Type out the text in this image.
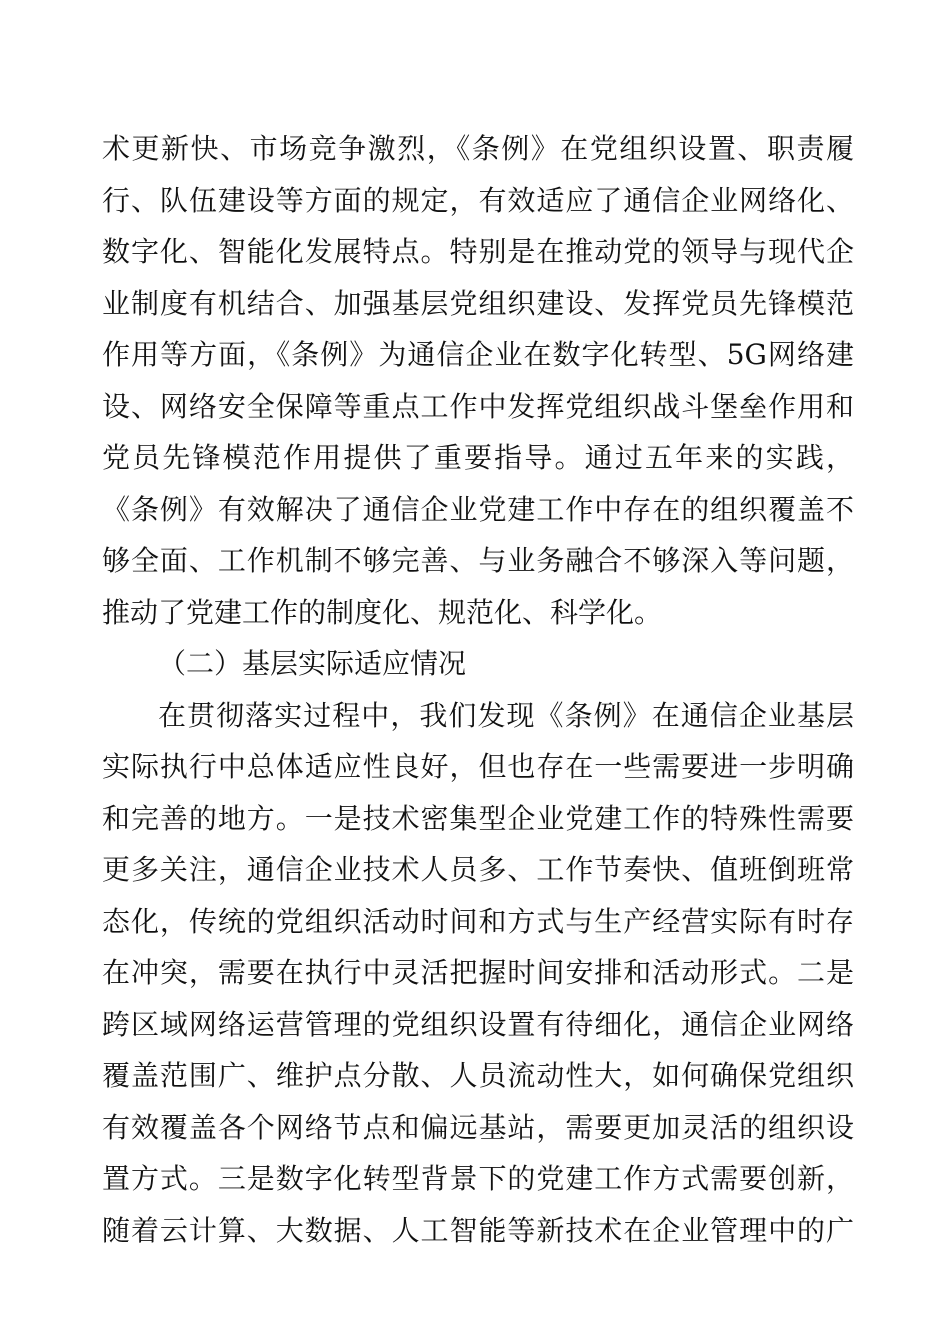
术更新快、市场竞争激烈，《条例》在党组织设置、职责履
行、队伍建设等方面的规定，有效适应了通信企业网络化、
数字化、智能化发展特点。特别是在推动党的领导与现代企
业制度有机结合、加强基层党组织建设、发挥党员先锋模范
作用等方面，《条例》为通信企业在数字化转型、5G网络建
设、网络安全保障等重点工作中发挥党组织战斗堡垒作用和
党员先锋模范作用提供了重要指导。通过五年来的实践，
《条例》有效解决了通信企业党建工作中存在的组织覆盖不
够全面、工作机制不够完善、与业务融合不够深入等问题，
推动了党建工作的制度化、规范化、科学化。
（二）基层实际适应情况
在贯彻落实过程中，我们发现《条例》在通信企业基层
实际执行中总体适应性良好，但也存在一些需要进一步明确
和完善的地方。一是技术密集型企业党建工作的特殊性需要
更多关注，通信企业技术人员多、工作节奏快、值班倒班常
态化，传统的党组织活动时间和方式与生产经营实际有时存
在冲突，需要在执行中灵活把握时间安排和活动形式。二是
跨区域网络运营管理的党组织设置有待细化，通信企业网络
覆盖范围广、维护点分散、人员流动性大，如何确保党组织
有效覆盖各个网络节点和偏远基站，需要更加灵活的组织设
置方式。三是数字化转型背景下的党建工作方式需要创新，
随着云计算、大数据、人工智能等新技术在企业管理中的广
